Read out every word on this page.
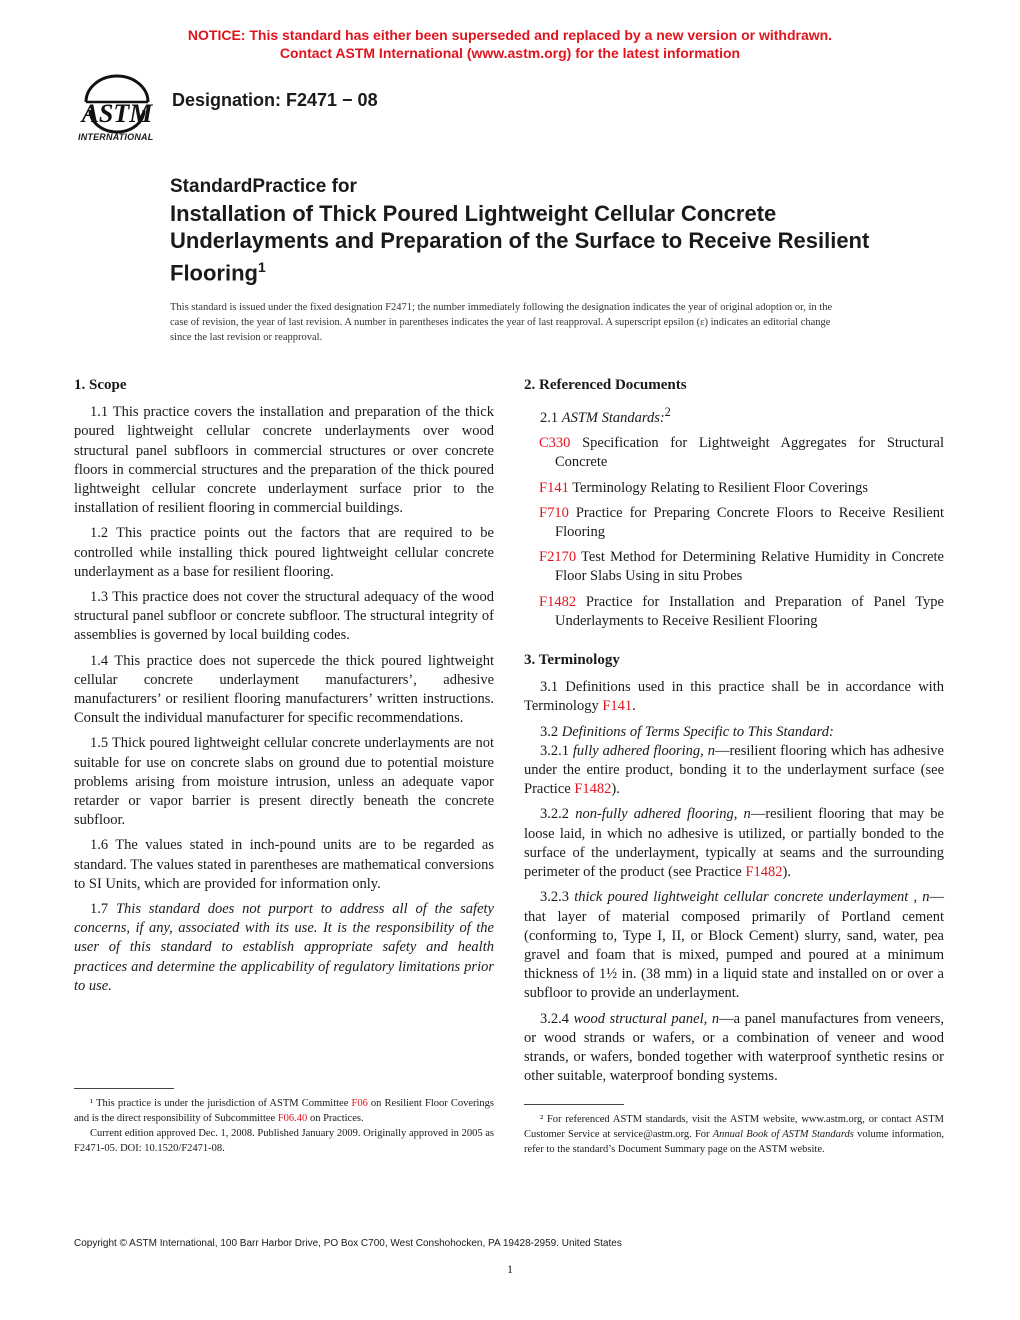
NOTICE: This standard has either been superseded and replaced by a new version or withdrawn.
Contact ASTM International (www.astm.org) for the latest information
ASTM
INTERNATIONAL
Designation: F2471 − 08
StandardPractice for
Installation of Thick Poured Lightweight Cellular Concrete Underlayments and Preparation of the Surface to Receive Resilient Flooring$^1$
This standard is issued under the fixed designation F2471; the number immediately following the designation indicates the year of original adoption or, in the case of revision, the year of last revision. A number in parentheses indicates the year of last reapproval. A superscript epsilon (ε) indicates an editorial change since the last revision or reapproval.
1. Scope

1.1 This practice covers the installation and preparation of the thick poured lightweight cellular concrete underlayments over wood structural panel subfloors in commercial structures or over concrete floors in commercial structures and the preparation of the thick poured lightweight cellular concrete underlayment surface prior to the installation of resilient flooring in commercial buildings.

1.2 This practice points out the factors that are required to be controlled while installing thick poured lightweight cellular concrete underlayment as a base for resilient flooring.

1.3 This practice does not cover the structural adequacy of the wood structural panel subfloor or concrete subfloor. The structural integrity of assemblies is governed by local building codes.

1.4 This practice does not supercede the thick poured lightweight cellular concrete underlayment manufacturers’, adhesive manufacturers’ or resilient flooring manufacturers’ written instructions. Consult the individual manufacturer for specific recommendations.

1.5 Thick poured lightweight cellular concrete underlayments are not suitable for use on concrete slabs on ground due to potential moisture problems arising from moisture intrusion, unless an adequate vapor retarder or vapor barrier is present directly beneath the concrete subfloor.

1.6 The values stated in inch-pound units are to be regarded as standard. The values stated in parentheses are mathematical conversions to SI Units, which are provided for information only.

1.7 This standard does not purport to address all of the safety concerns, if any, associated with its use. It is the responsibility of the user of this standard to establish appropriate safety and health practices and determine the applicability of regulatory limitations prior to use.

2. Referenced Documents

2.1 ASTM Standards:$^2$

C330 Specification for Lightweight Aggregates for Structural Concrete

F141 Terminology Relating to Resilient Floor Coverings

F710 Practice for Preparing Concrete Floors to Receive Resilient Flooring

F2170 Test Method for Determining Relative Humidity in Concrete Floor Slabs Using in situ Probes

F1482 Practice for Installation and Preparation of Panel Type Underlayments to Receive Resilient Flooring

3. Terminology

3.1 Definitions used in this practice shall be in accordance with Terminology F141.

3.2 Definitions of Terms Specific to This Standard:

3.2.1 fully adhered flooring, n—resilient flooring which has adhesive under the entire product, bonding it to the underlayment surface (see Practice F1482).

3.2.2 non-fully adhered flooring, n—resilient flooring that may be loose laid, in which no adhesive is utilized, or partially bonded to the surface of the underlayment, typically at seams and the surrounding perimeter of the product (see Practice F1482).

3.2.3 thick poured lightweight cellular concrete underlayment , n—that layer of material composed primarily of Portland cement (conforming to, Type I, II, or Block Cement) slurry, sand, water, pea gravel and foam that is mixed, pumped and poured at a minimum thickness of 1½ in. (38 mm) in a liquid state and installed on or over a subfloor to provide an underlayment.

3.2.4 wood structural panel, n—a panel manufactures from veneers, or wood strands or wafers, or a combination of veneer and wood strands, or wafers, bonded together with waterproof synthetic resins or other suitable, waterproof bonding systems.

¹ This practice is under the jurisdiction of ASTM Committee F06 on Resilient Floor Coverings and is the direct responsibility of Subcommittee F06.40 on Practices.

Current edition approved Dec. 1, 2008. Published January 2009. Originally approved in 2005 as F2471-05. DOI: 10.1520/F2471-08.

² For referenced ASTM standards, visit the ASTM website, www.astm.org, or contact ASTM Customer Service at service@astm.org. For Annual Book of ASTM Standards volume information, refer to the standard’s Document Summary page on the ASTM website.

Copyright © ASTM International, 100 Barr Harbor Drive, PO Box C700, West Conshohocken, PA 19428-2959. United States
1
